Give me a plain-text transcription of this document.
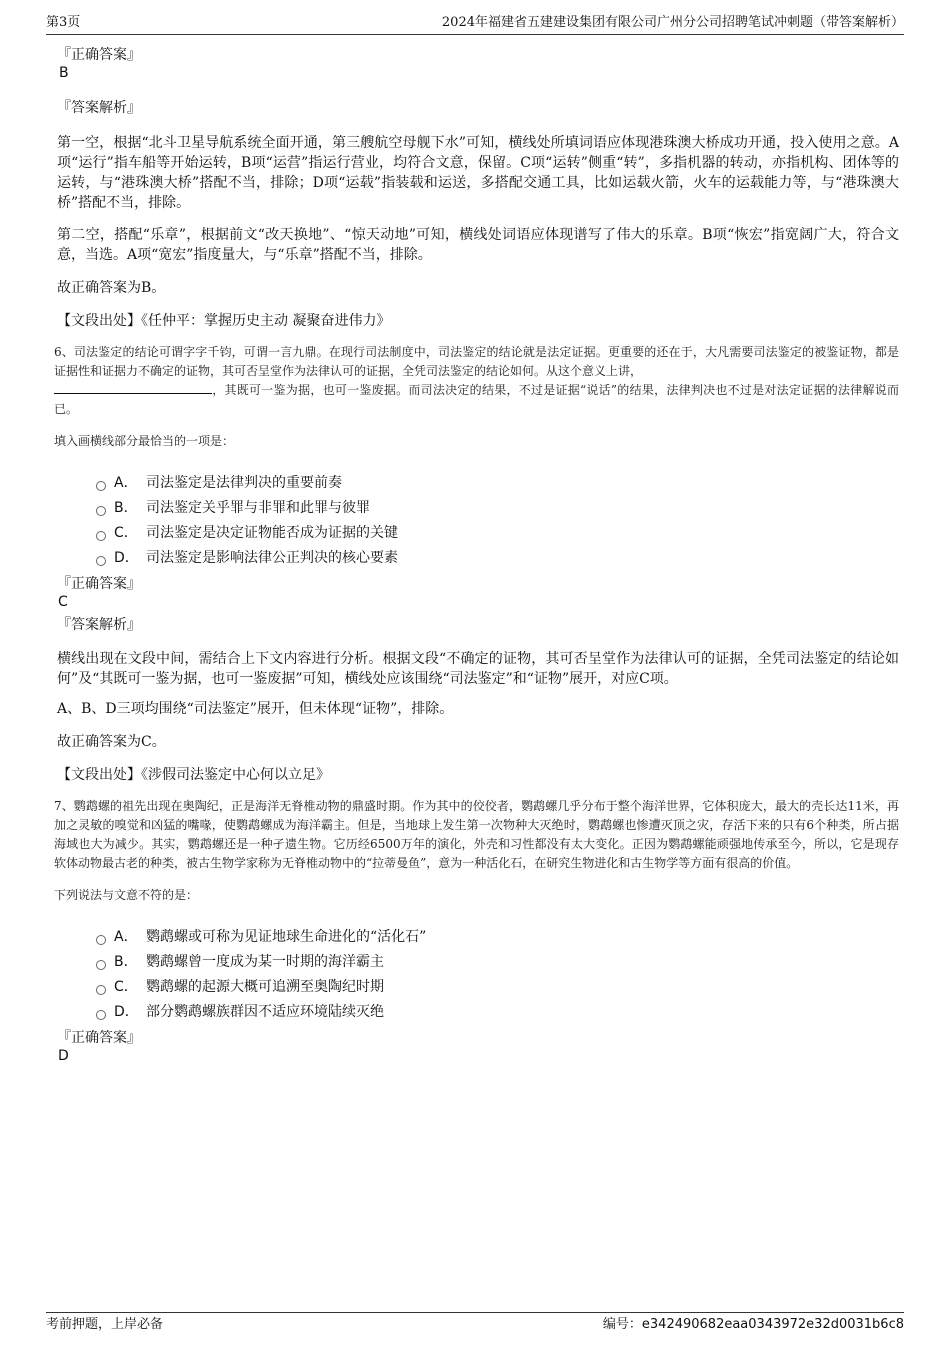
第3页	2024年福建省五建建设集团有限公司广州分公司招聘笔试冲刺题（带答案解析）
『正确答案』
B
『答案解析』

第一空，根据“北斗卫星导航系统全面开通，第三艘航空母舰下水”可知，横线处所填词语应体现港珠澳大桥成功开通，投入使用之意。A项“运行”指车船等开始运转，B项“运营”指运行营业，均符合文意，保留。C项“运转”侧重“转”，多指机器的转动，亦指机构、团体等的运转，与“港珠澳大桥”搭配不当，排除；D项“运载”指装载和运送，多搭配交通工具，比如运载火箭，火车的运载能力等，与“港珠澳大桥”搭配不当，排除。

第二空，搭配“乐章”，根据前文“改天换地”、“惊天动地”可知，横线处词语应体现谱写了伟大的乐章。B项“恢宏”指宽阔广大，符合文意，当选。A项“宽宏”指度量大，与“乐章”搭配不当，排除。

故正确答案为B。

【文段出处】《任仲平：掌握历史主动 凝聚奋进伟力》

6、司法鉴定的结论可谓字字千钧，可谓一言九鼎。在现行司法制度中，司法鉴定的结论就是法定证据。更重要的还在于，大凡需要司法鉴定的被鉴证物，都是证据性和证据力不确定的证物，其可否呈堂作为法律认可的证据，全凭司法鉴定的结论如何。从这个意义上讲，
，其既可一鉴为据，也可一鉴废据。而司法决定的结果，不过是证据“说话”的结果，法律判决也不过是对法定证据的法律解说而已。

填入画横线部分最恰当的一项是：

A． 司法鉴定是法律判决的重要前奏
B． 司法鉴定关乎罪与非罪和此罪与彼罪
C． 司法鉴定是决定证物能否成为证据的关键
D． 司法鉴定是影响法律公正判决的核心要素
『正确答案』
C
『答案解析』

横线出现在文段中间，需结合上下文内容进行分析。根据文段“不确定的证物，其可否呈堂作为法律认可的证据，全凭司法鉴定的结论如何”及“其既可一鉴为据，也可一鉴废据”可知，横线处应该围绕“司法鉴定”和“证物”展开，对应C项。

A、B、D三项均围绕“司法鉴定”展开，但未体现“证物”，排除。

故正确答案为C。

【文段出处】《涉假司法鉴定中心何以立足》

7、鹦鹉螺的祖先出现在奥陶纪，正是海洋无脊椎动物的鼎盛时期。作为其中的佼佼者，鹦鹉螺几乎分布于整个海洋世界，它体积庞大，最大的壳长达11米，再加之灵敏的嗅觉和凶猛的嘴喙，使鹦鹉螺成为海洋霸主。但是，当地球上发生第一次物种大灭绝时，鹦鹉螺也惨遭灭顶之灾，存活下来的只有6个种类，所占据海域也大为减少。其实，鹦鹉螺还是一种孑遗生物。它历经6500万年的演化，外壳和习性都没有太大变化。正因为鹦鹉螺能顽强地传承至今，所以，它是现存软体动物最古老的种类，被古生物学家称为无脊椎动物中的“拉蒂曼鱼”，意为一种活化石，在研究生物进化和古生物学等方面有很高的价值。

下列说法与文意不符的是：

A． 鹦鹉螺或可称为见证地球生命进化的“活化石”
B． 鹦鹉螺曾一度成为某一时期的海洋霸主
C． 鹦鹉螺的起源大概可追溯至奥陶纪时期
D． 部分鹦鹉螺族群因不适应环境陆续灭绝
『正确答案』
D
考前押题，上岸必备	编号：e342490682eaa0343972e32d0031b6c8
